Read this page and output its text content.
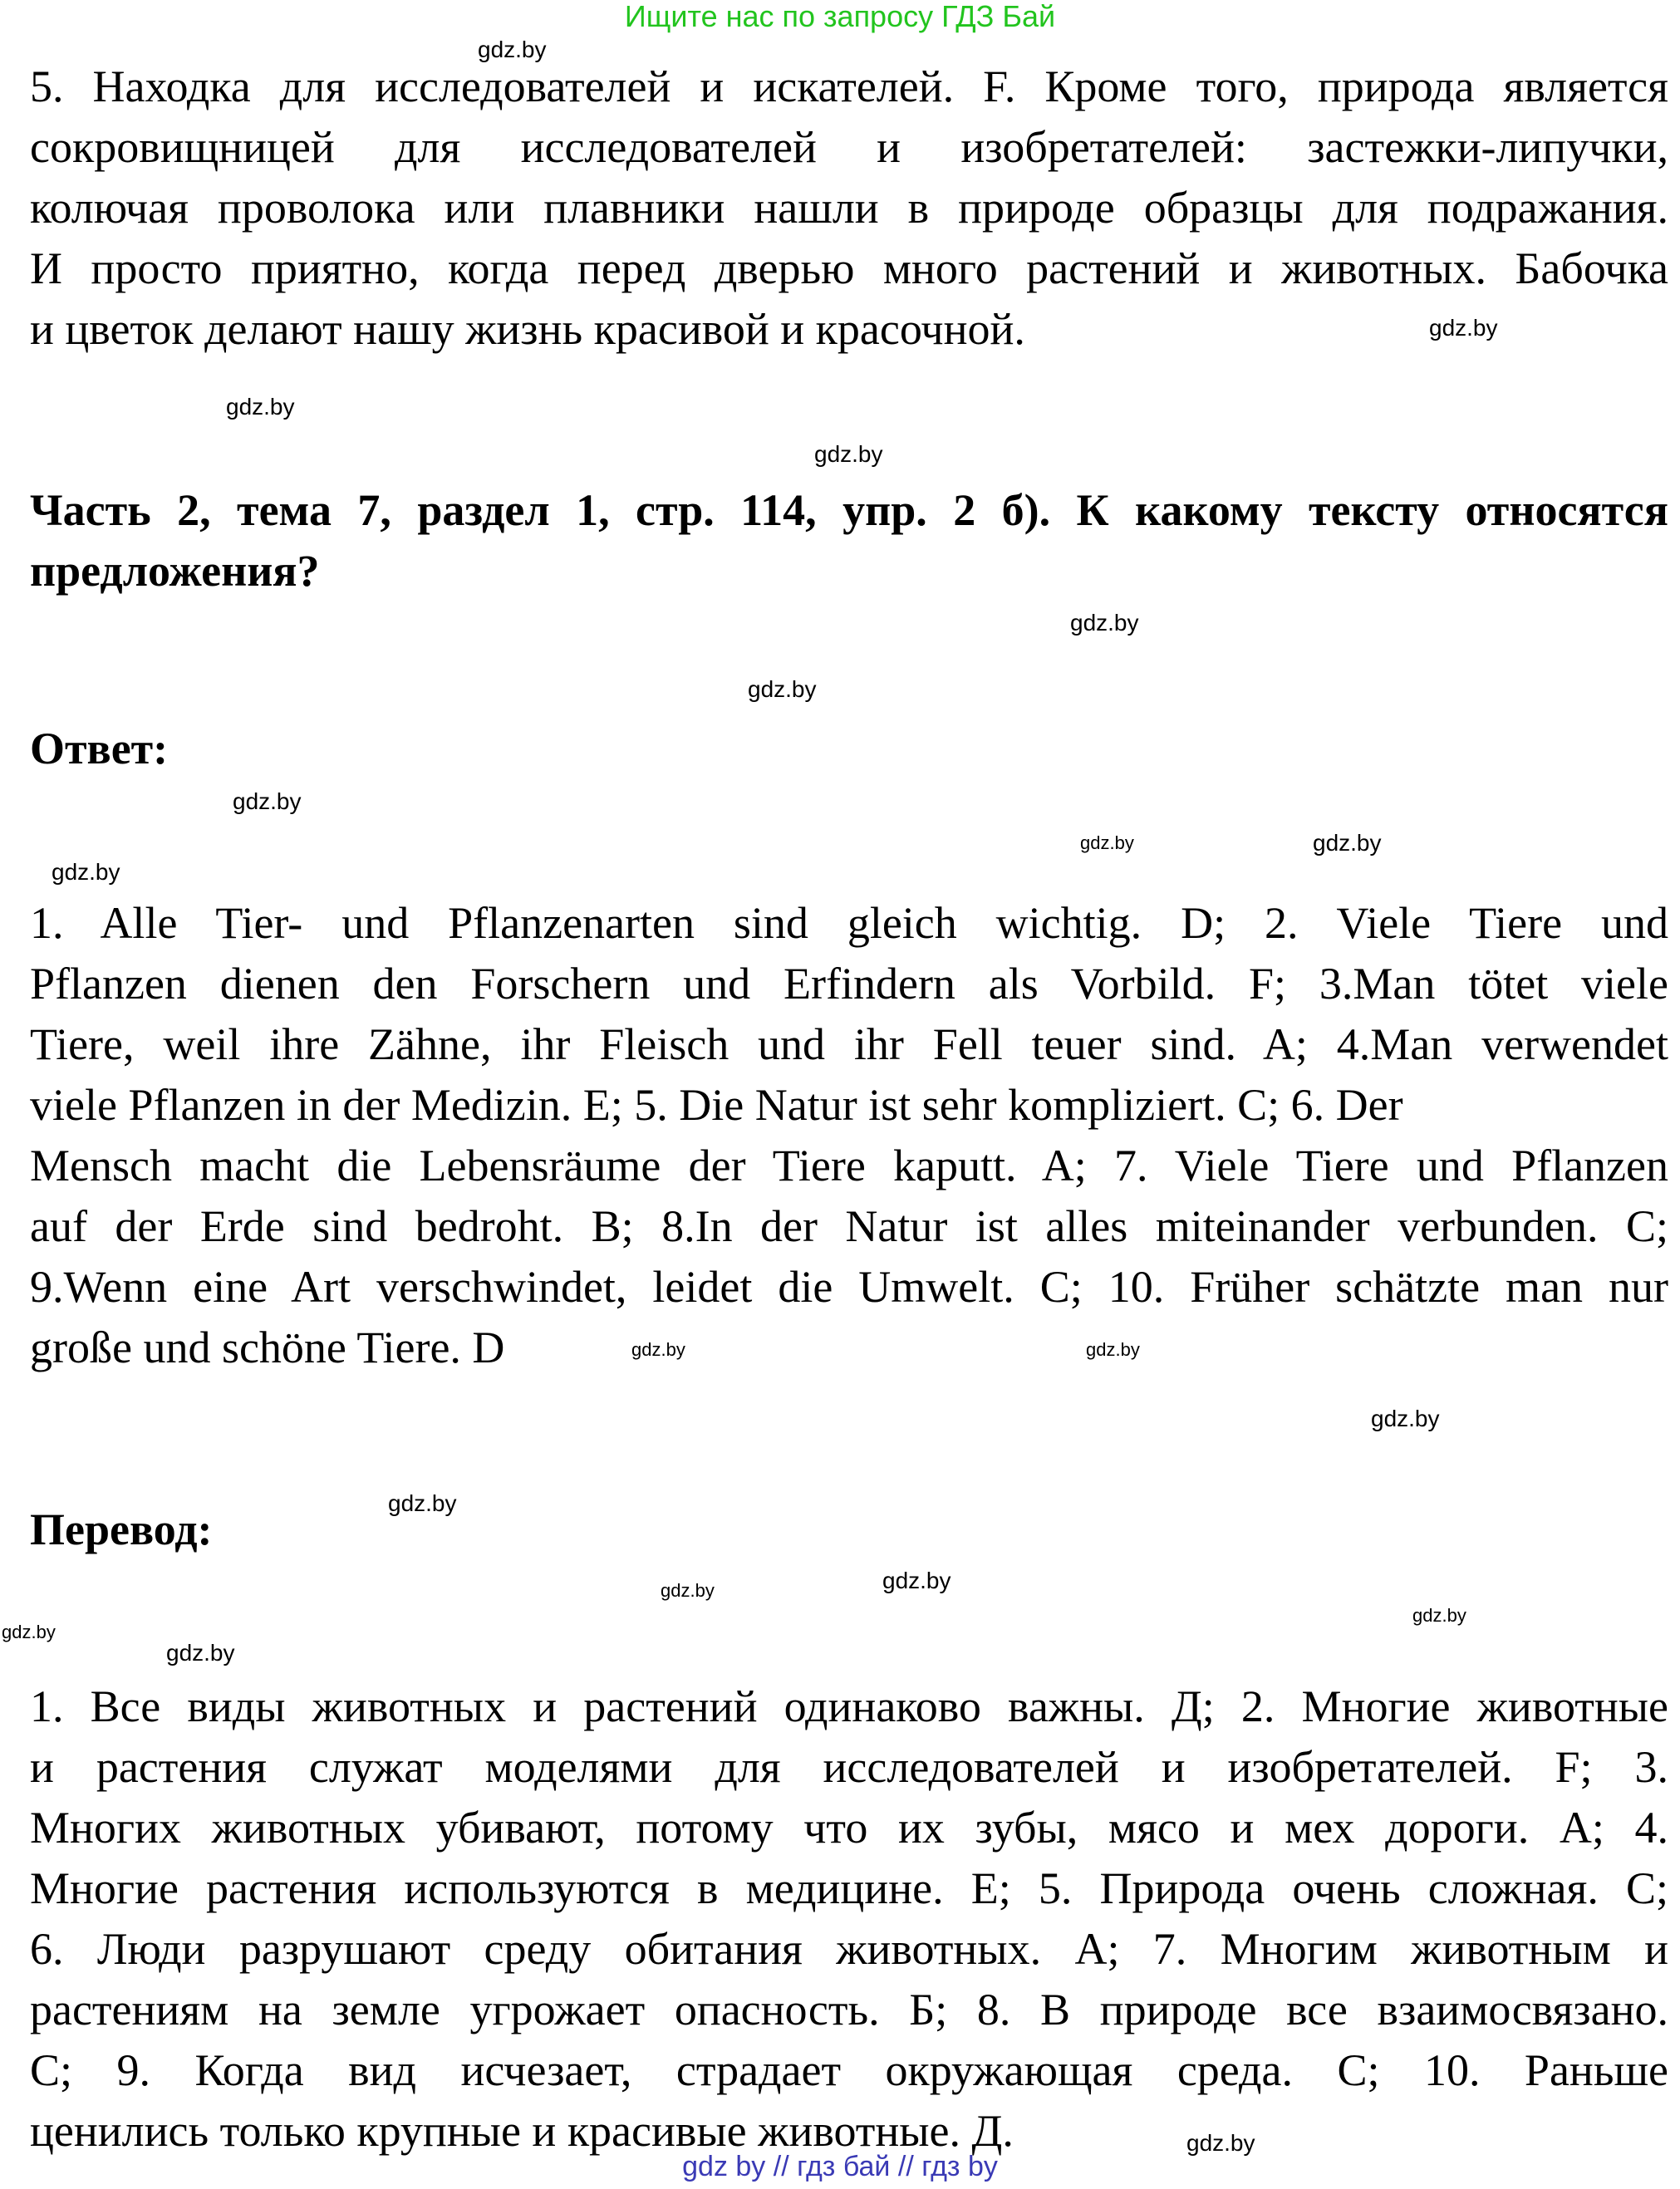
Ищите нас по запросу ГДЗ Бай
5. Находка для исследователей и искателей. F. Кроме того, природа является
сокровищницей для исследователей и изобретателей: застежки-липучки,
колючая проволока или плавники нашли в природе образцы для подражания.
И просто приятно, когда перед дверью много растений и животных. Бабочка
и цветок делают нашу жизнь красивой и красочной.
Часть 2, тема 7, раздел 1, стр. 114, упр. 2 б). К какому тексту относятся
предложения?
Ответ:
1. Alle Tier- und Pflanzenarten sind gleich wichtig. D; 2. Viele Tiere und
Pflanzen dienen den Forschern und Erfindern als Vorbild. F; 3.Man tötet viele
Tiere, weil ihre Zähne, ihr Fleisch und ihr Fell teuer sind. A; 4.Man verwendet
viele Pflanzen in der Medizin. E; 5. Die Natur ist sehr kompliziert. C; 6. Der
Mensch macht die Lebensräume der Tiere kaputt. A; 7. Viele Tiere und Pflanzen
auf der Erde sind bedroht. B; 8.In der Natur ist alles miteinander verbunden. C;
9.Wenn eine Art verschwindet, leidet die Umwelt. C; 10. Früher schätzte man nur
große und schöne Tiere. D
Перевод:
1. Все виды животных и растений одинаково важны. Д; 2. Многие животные
и растения служат моделями для исследователей и изобретателей. F; 3.
Многих животных убивают, потому что их зубы, мясо и мех дороги. A; 4.
Многие растения используются в медицине. E; 5. Природа очень сложная. C;
6. Люди разрушают среду обитания животных. A; 7. Многим животным и
растениям на земле угрожает опасность. Б; 8. В природе все взаимосвязано.
C; 9. Когда вид исчезает, страдает окружающая среда. C; 10. Раньше
ценились только крупные и красивые животные. Д.
gdz.by
gdz.by
gdz.by
gdz.by
gdz.by
gdz.by
gdz.by
gdz.by
gdz.by
gdz.by
gdz.by
gdz.by
gdz.by
gdz.by
gdz.by
gdz.by
gdz.by
gdz.by
gdz.by
gdz.by
gdz by // гдз бай // гдз by
